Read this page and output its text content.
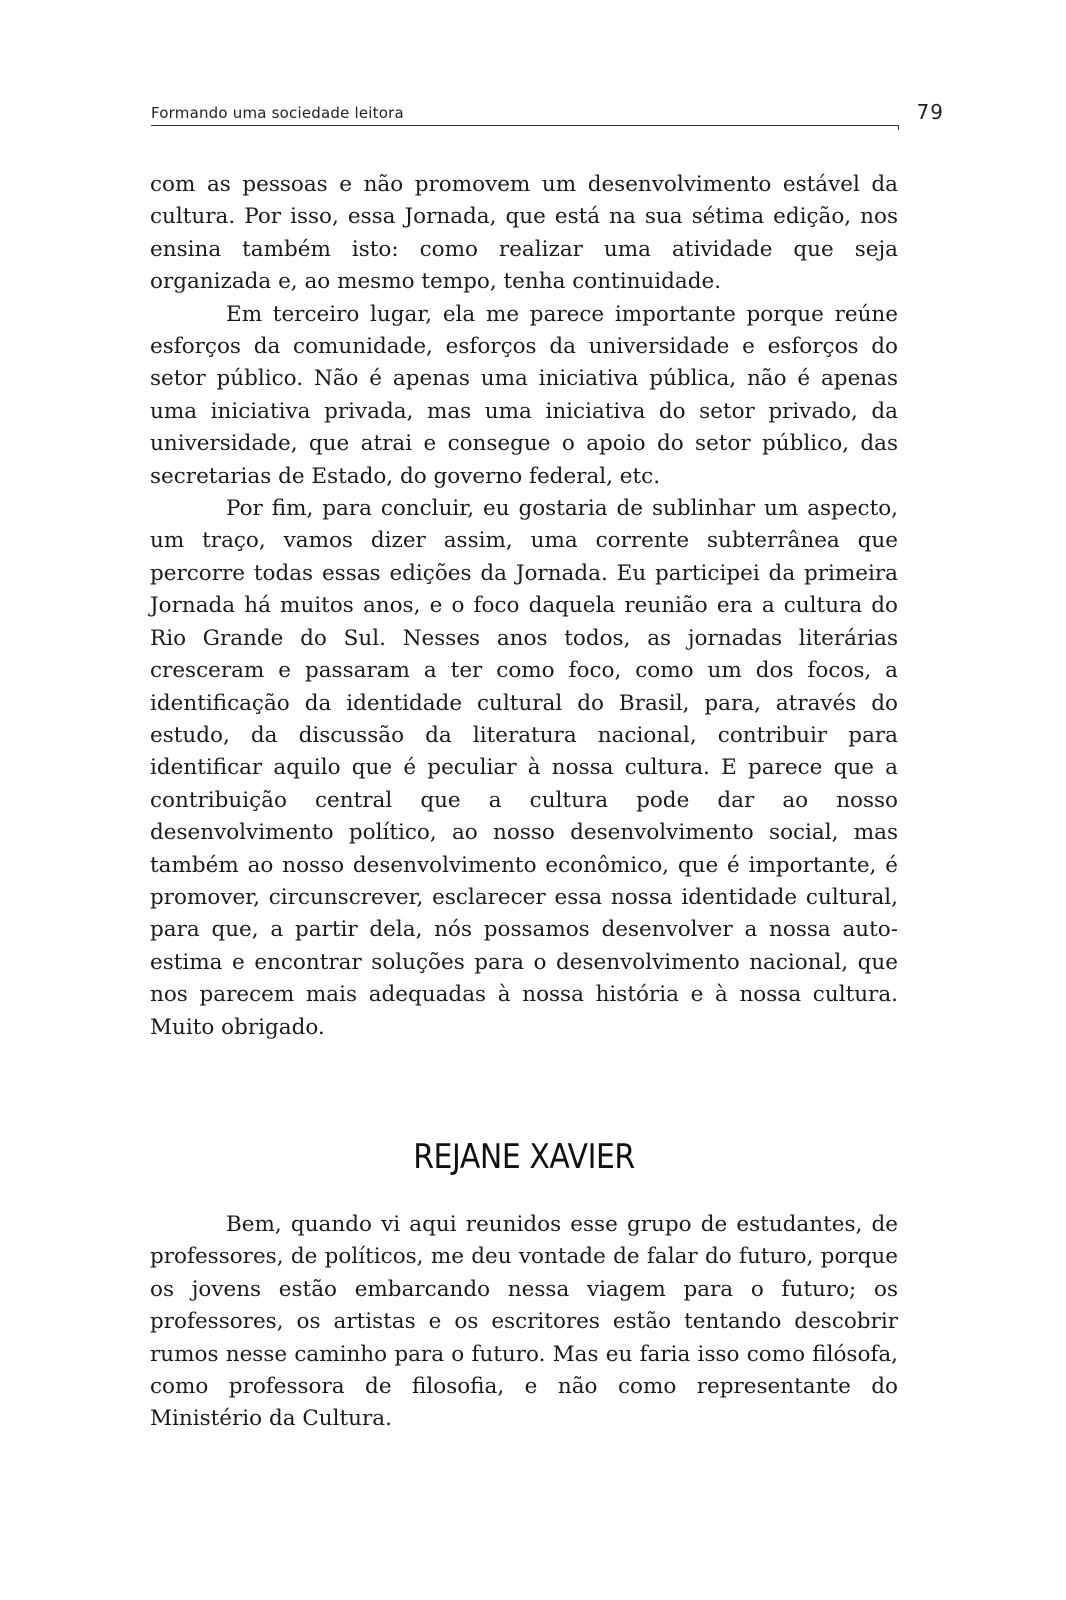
Formando uma sociedade leitora	79

com as pessoas e não promovem um desenvolvimento estável da cultura. Por isso, essa Jornada, que está na sua sétima edição, nos ensina também isto: como realizar uma atividade que seja organizada e, ao mesmo tempo, tenha continuidade.

Em terceiro lugar, ela me parece importante porque reúne esforços da comunidade, esforços da universidade e esforços do setor público. Não é apenas uma iniciativa pública, não é apenas uma iniciativa privada, mas uma iniciativa do setor privado, da universidade, que atrai e consegue o apoio do setor público, das secretarias de Estado, do governo federal, etc.

Por fim, para concluir, eu gostaria de sublinhar um aspecto, um traço, vamos dizer assim, uma corrente subterrânea que percorre todas essas edições da Jornada. Eu participei da primeira Jornada há muitos anos, e o foco daquela reunião era a cultura do Rio Grande do Sul. Nesses anos todos, as jornadas literárias cresceram e passaram a ter como foco, como um dos focos, a identificação da identidade cultural do Brasil, para, através do estudo, da discussão da literatura nacional, contribuir para identificar aquilo que é peculiar à nossa cultura. E parece que a contribuição central que a cultura pode dar ao nosso desenvolvimento político, ao nosso desenvolvimento social, mas também ao nosso desenvolvimento econômico, que é importante, é promover, circunscrever, esclarecer essa nossa identidade cultural, para que, a partir dela, nós possamos desenvolver a nossa auto-estima e encontrar soluções para o desenvolvimento nacional, que nos parecem mais adequadas à nossa história e à nossa cultura. Muito obrigado.

REJANE XAVIER

Bem, quando vi aqui reunidos esse grupo de estudantes, de professores, de políticos, me deu vontade de falar do futuro, porque os jovens estão embarcando nessa viagem para o futuro; os professores, os artistas e os escritores estão tentando descobrir rumos nesse caminho para o futuro. Mas eu faria isso como filósofa, como professora de filosofia, e não como representante do Ministério da Cultura.
